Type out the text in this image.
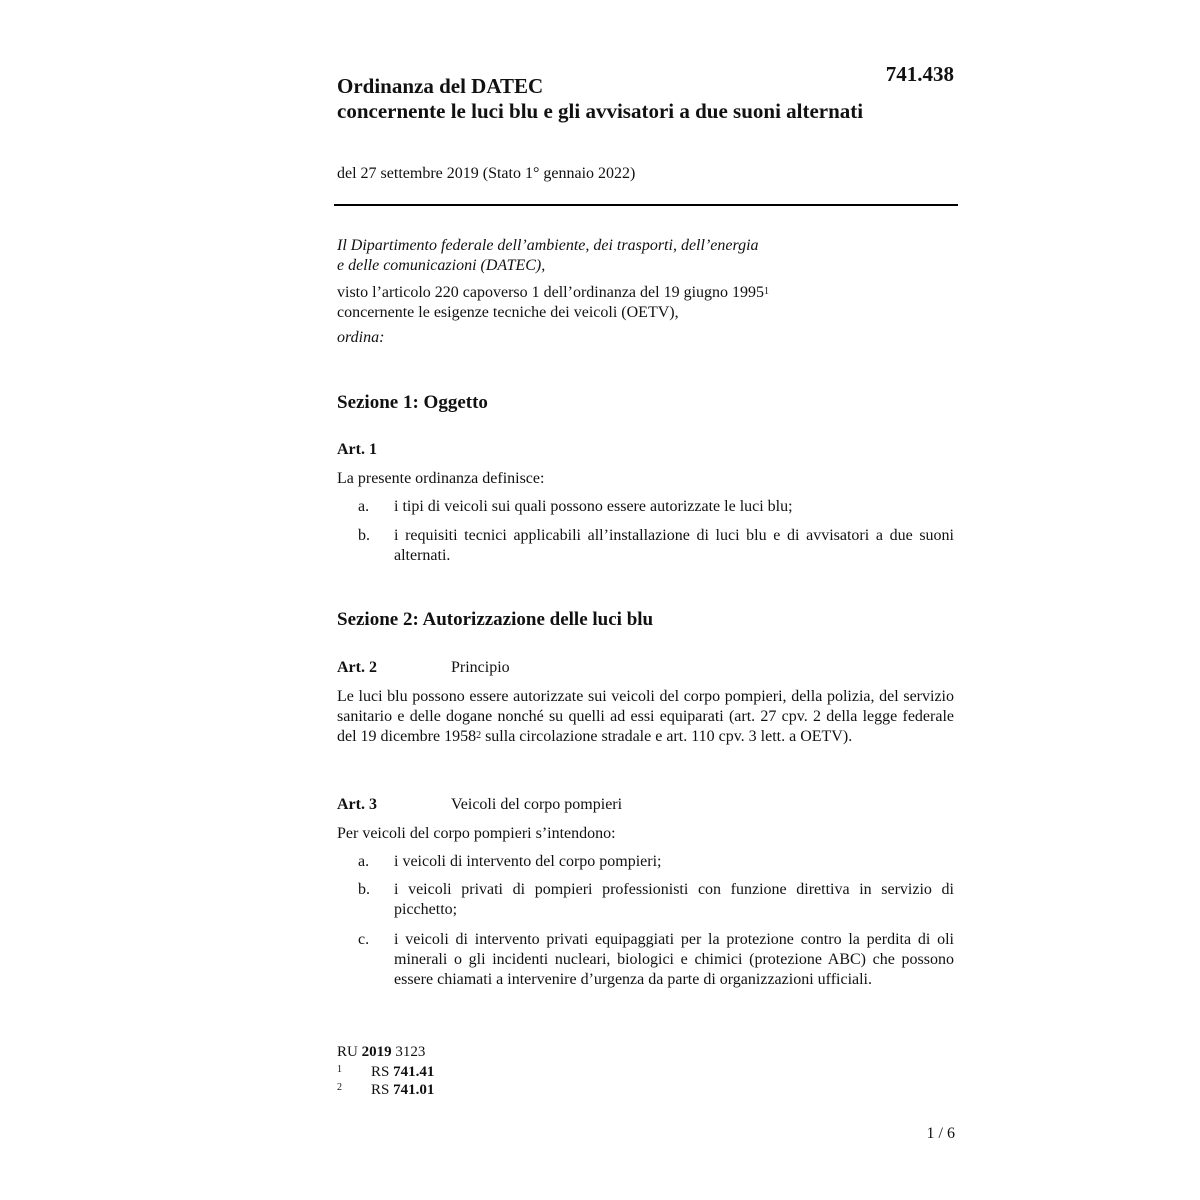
741.438
Ordinanza del DATEC
concernente le luci blu e gli avvisatori a due suoni alternati
del 27 settembre 2019 (Stato 1° gennaio 2022)
Il Dipartimento federale dell’ambiente, dei trasporti, dell’energia
e delle comunicazioni (DATEC),
visto l’articolo 220 capoverso 1 dell’ordinanza del 19 giugno 1995$^1$
concernente le esigenze tecniche dei veicoli (OETV),
ordina:
Sezione 1: Oggetto
Art. 1
La presente ordinanza definisce:
a. i tipi di veicoli sui quali possono essere autorizzate le luci blu;
b. i requisiti tecnici applicabili all’installazione di luci blu e di avvisatori a due suoni alternati.
Sezione 2: Autorizzazione delle luci blu
Art. 2	Principio
Le luci blu possono essere autorizzate sui veicoli del corpo pompieri, della polizia, del servizio sanitario e delle dogane nonché su quelli ad essi equiparati (art. 27 cpv. 2 della legge federale del 19 dicembre 1958$^2$ sulla circolazione stradale e art. 110 cpv. 3 lett. a OETV).
Art. 3	Veicoli del corpo pompieri
Per veicoli del corpo pompieri s’intendono:
a. i veicoli di intervento del corpo pompieri;
b. i veicoli privati di pompieri professionisti con funzione direttiva in servizio di picchetto;
c. i veicoli di intervento privati equipaggiati per la protezione contro la perdita di oli minerali o gli incidenti nucleari, biologici e chimici (protezione ABC) che possono essere chiamati a intervenire d’urgenza da parte di organizzazioni ufficiali.
RU 2019 3123
1 RS 741.41
2 RS 741.01
1 / 6
